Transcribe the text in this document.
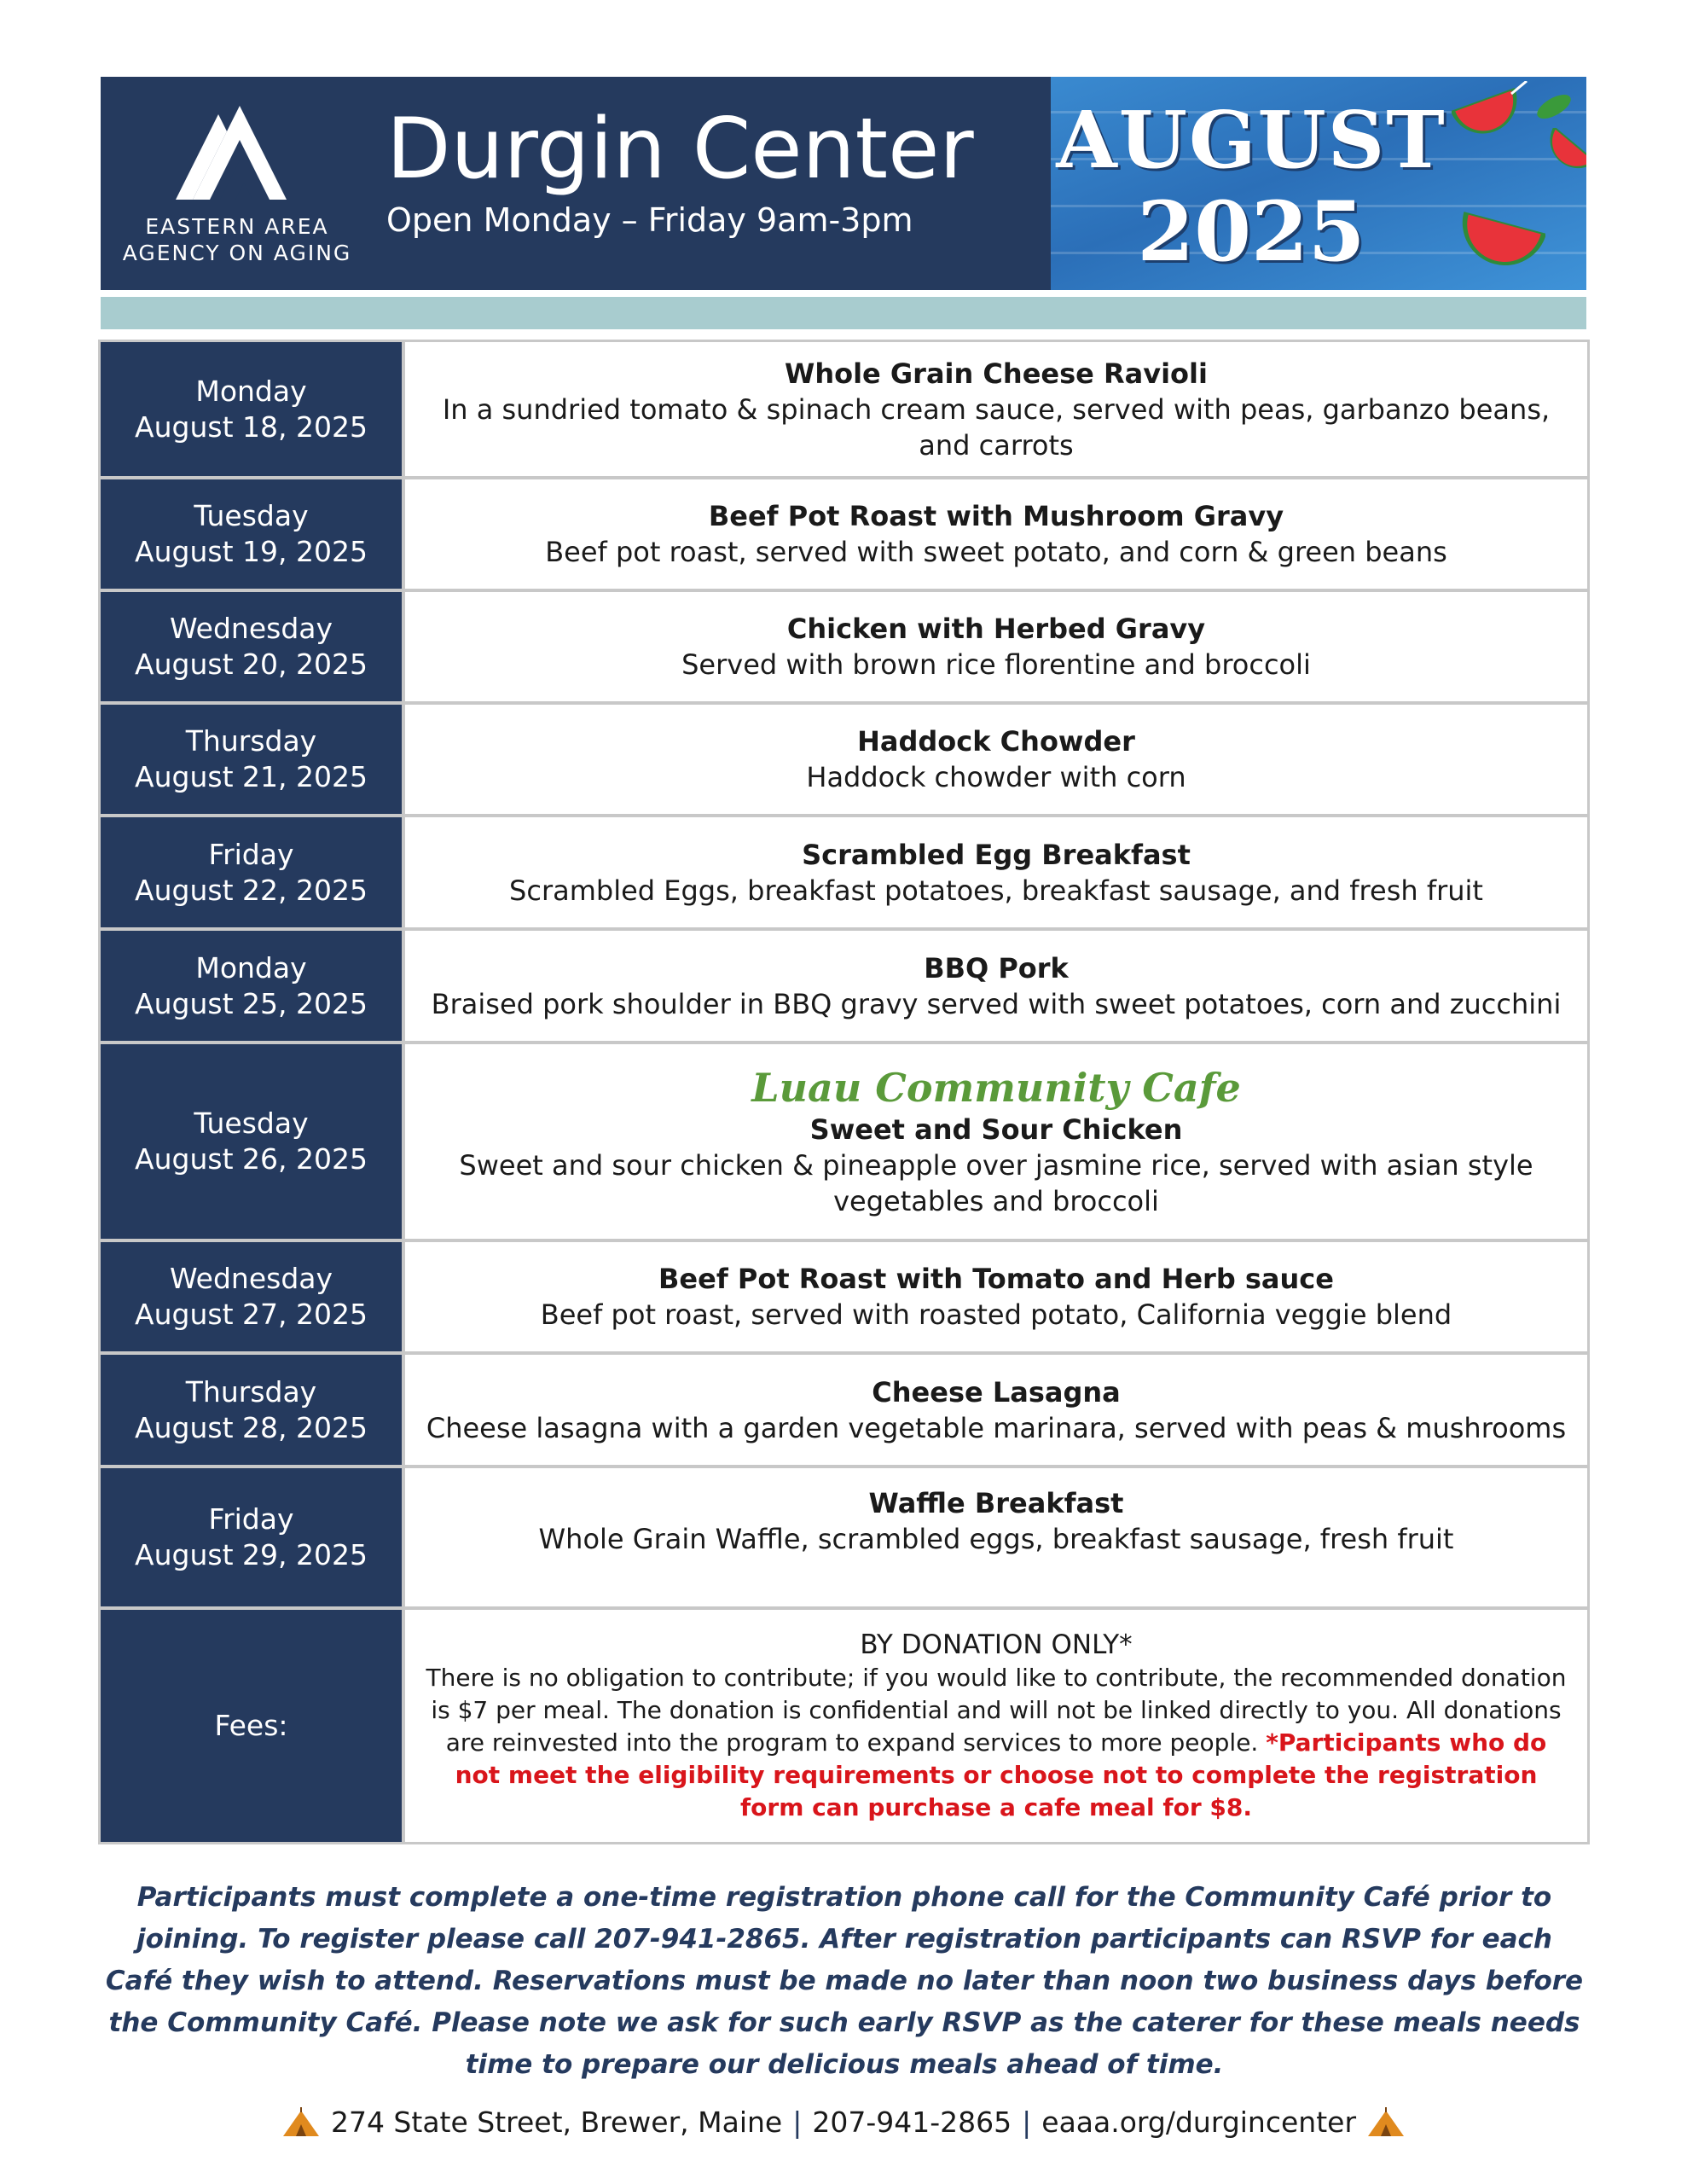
EASTERN AREA
AGENCY ON AGING
Durgin Center
Open Monday – Friday 9am-3pm
AUGUST
2025
Monday
August 18, 2025
Whole Grain Cheese Ravioli
In a sundried tomato & spinach cream sauce, served with peas, garbanzo beans, and carrots
Tuesday
August 19, 2025
Beef Pot Roast with Mushroom Gravy
Beef pot roast, served with sweet potato, and corn & green beans
Wednesday
August 20, 2025
Chicken with Herbed Gravy
Served with brown rice florentine and broccoli
Thursday
August 21, 2025
Haddock Chowder
Haddock chowder with corn
Friday
August 22, 2025
Scrambled Egg Breakfast
Scrambled Eggs, breakfast potatoes, breakfast sausage, and fresh fruit
Monday
August 25, 2025
BBQ Pork
Braised pork shoulder in BBQ gravy served with sweet potatoes, corn and zucchini
Tuesday
August 26, 2025
Luau Community Cafe
Sweet and Sour Chicken
Sweet and sour chicken & pineapple over jasmine rice, served with asian style vegetables and broccoli
Wednesday
August 27, 2025
Beef Pot Roast with Tomato and Herb sauce
Beef pot roast, served with roasted potato, California veggie blend
Thursday
August 28, 2025
Cheese Lasagna
Cheese lasagna with a garden vegetable marinara, served with peas & mushrooms
Friday
August 29, 2025
Waffle Breakfast
Whole Grain Waffle, scrambled eggs, breakfast sausage, fresh fruit
Fees:
BY DONATION ONLY*
There is no obligation to contribute; if you would like to contribute, the recommended donation is $7 per meal. The donation is confidential and will not be linked directly to you. All donations are reinvested into the program to expand services to more people. *Participants who do not meet the eligibility requirements or choose not to complete the registration form can purchase a cafe meal for $8.
Participants must complete a one-time registration phone call for the Community Café prior to joining. To register please call 207-941-2865. After registration participants can RSVP for each Café they wish to attend. Reservations must be made no later than noon two business days before the Community Café. Please note we ask for such early RSVP as the caterer for these meals needs time to prepare our delicious meals ahead of time.
274 State Street, Brewer, Maine | 207-941-2865 | eaaa.org/durgincenter
